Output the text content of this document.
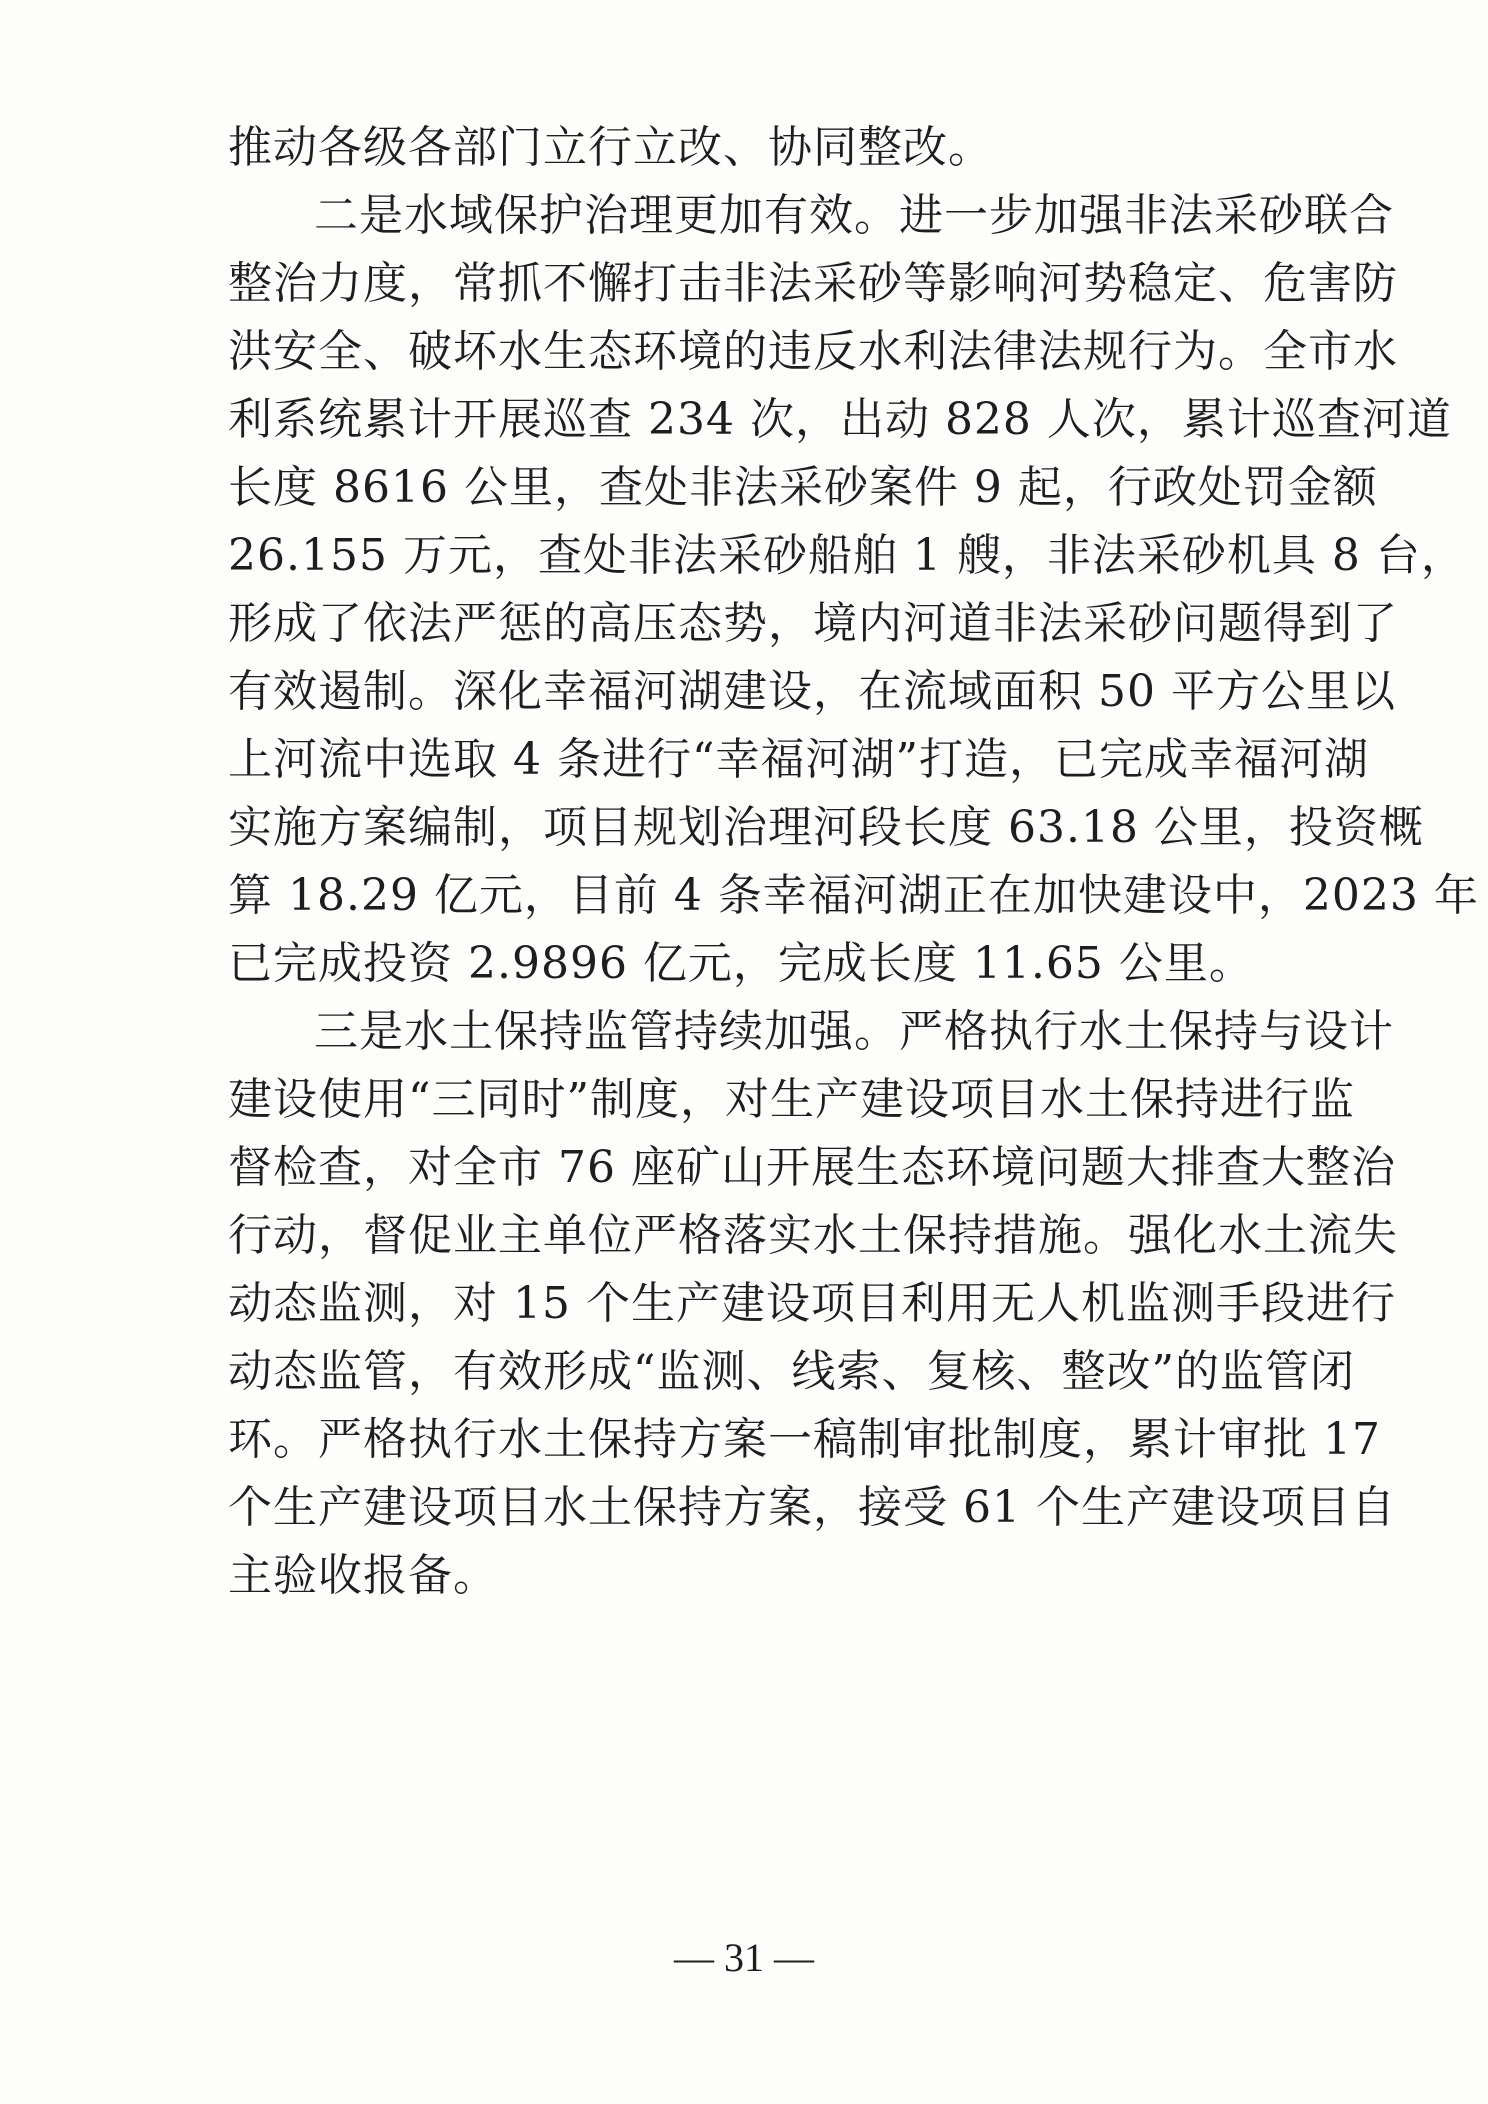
推动各级各部门立行立改、协同整改。
二是水域保护治理更加有效。进一步加强非法采砂联合
整治力度，常抓不懈打击非法采砂等影响河势稳定、危害防
洪安全、破坏水生态环境的违反水利法律法规行为。全市水
利系统累计开展巡查 234 次，出动 828 人次，累计巡查河道
长度 8616 公里，查处非法采砂案件 9 起，行政处罚金额
26.155 万元，查处非法采砂船舶 1 艘，非法采砂机具 8 台，
形成了依法严惩的高压态势，境内河道非法采砂问题得到了
有效遏制。深化幸福河湖建设，在流域面积 50 平方公里以
上河流中选取 4 条进行“幸福河湖”打造，已完成幸福河湖
实施方案编制，项目规划治理河段长度 63.18 公里，投资概
算 18.29 亿元，目前 4 条幸福河湖正在加快建设中，2023 年
已完成投资 2.9896 亿元，完成长度 11.65 公里。
三是水土保持监管持续加强。严格执行水土保持与设计
建设使用“三同时”制度，对生产建设项目水土保持进行监
督检查，对全市 76 座矿山开展生态环境问题大排查大整治
行动，督促业主单位严格落实水土保持措施。强化水土流失
动态监测，对 15 个生产建设项目利用无人机监测手段进行
动态监管，有效形成“监测、线索、复核、整改”的监管闭
环。严格执行水土保持方案一稿制审批制度，累计审批 17
个生产建设项目水土保持方案，接受 61 个生产建设项目自
主验收报备。
— 31 —
